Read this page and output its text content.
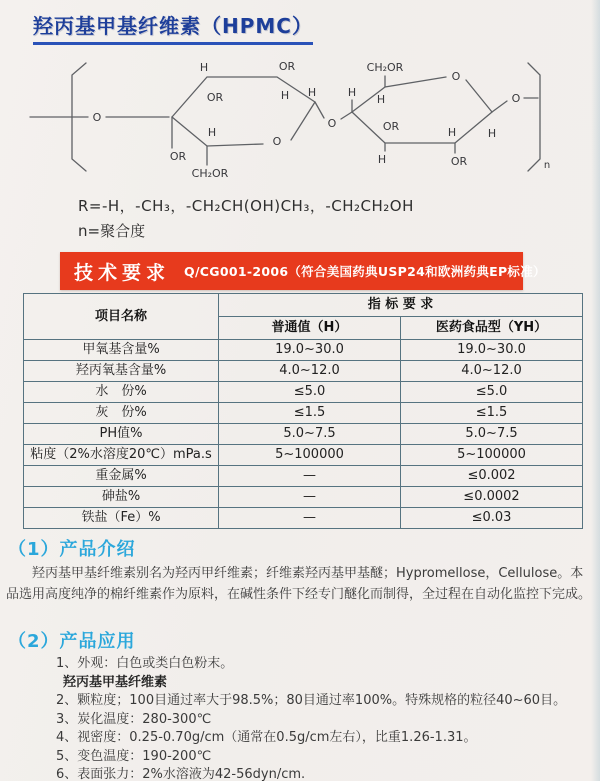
羟丙基甲基纤维素（HPMC）
O
H	OR
OR	H
H
O
OR
CH₂OR
H
O
H
CH₂OR
H
O
OR	H	H
OR
H
O
n
R=-H，-CH₃，-CH₂CH(OH)CH₃，-CH₂CH₂OH
n=聚合度
技术要求 Q/CG001-2006（符合美国药典USP24和欧洲药典EP标准）
项目名称	指 标 要 求	
	普通值（H）	医药食品型（YH）
甲氧基含量%	19.0~30.0	19.0~30.0
羟丙氧基含量%	4.0~12.0	4.0~12.0
水　份%	≤5.0	≤5.0
灰　份%	≤1.5	≤1.5
PH值%	5.0~7.5	5.0~7.5
粘度（2%水溶度20℃）mPa.s	5~100000	5~100000
重金属%	—	≤0.002
砷盐%	—	≤0.0002
铁盐（Fe）%	—	≤0.03
（1）产品介绍
羟丙基甲基纤维素别名为羟丙甲纤维素；纤维素羟丙基甲基醚；Hypromellose，Cellulose。本品选用高度纯净的棉纤维素作为原料，在碱性条件下经专门醚化而制得，全过程在自动化监控下完成。
（2）产品应用
1、外观：白色或类白色粉末。
羟丙基甲基纤维素
2、颗粒度；100目通过率大于98.5%；80目通过率100%。特殊规格的粒径40~60目。
3、炭化温度：280-300℃
4、视密度：0.25-0.70g/cm（通常在0.5g/cm左右），比重1.26-1.31。
5、变色温度：190-200℃
6、表面张力：2%水溶液为42-56dyn/cm.
